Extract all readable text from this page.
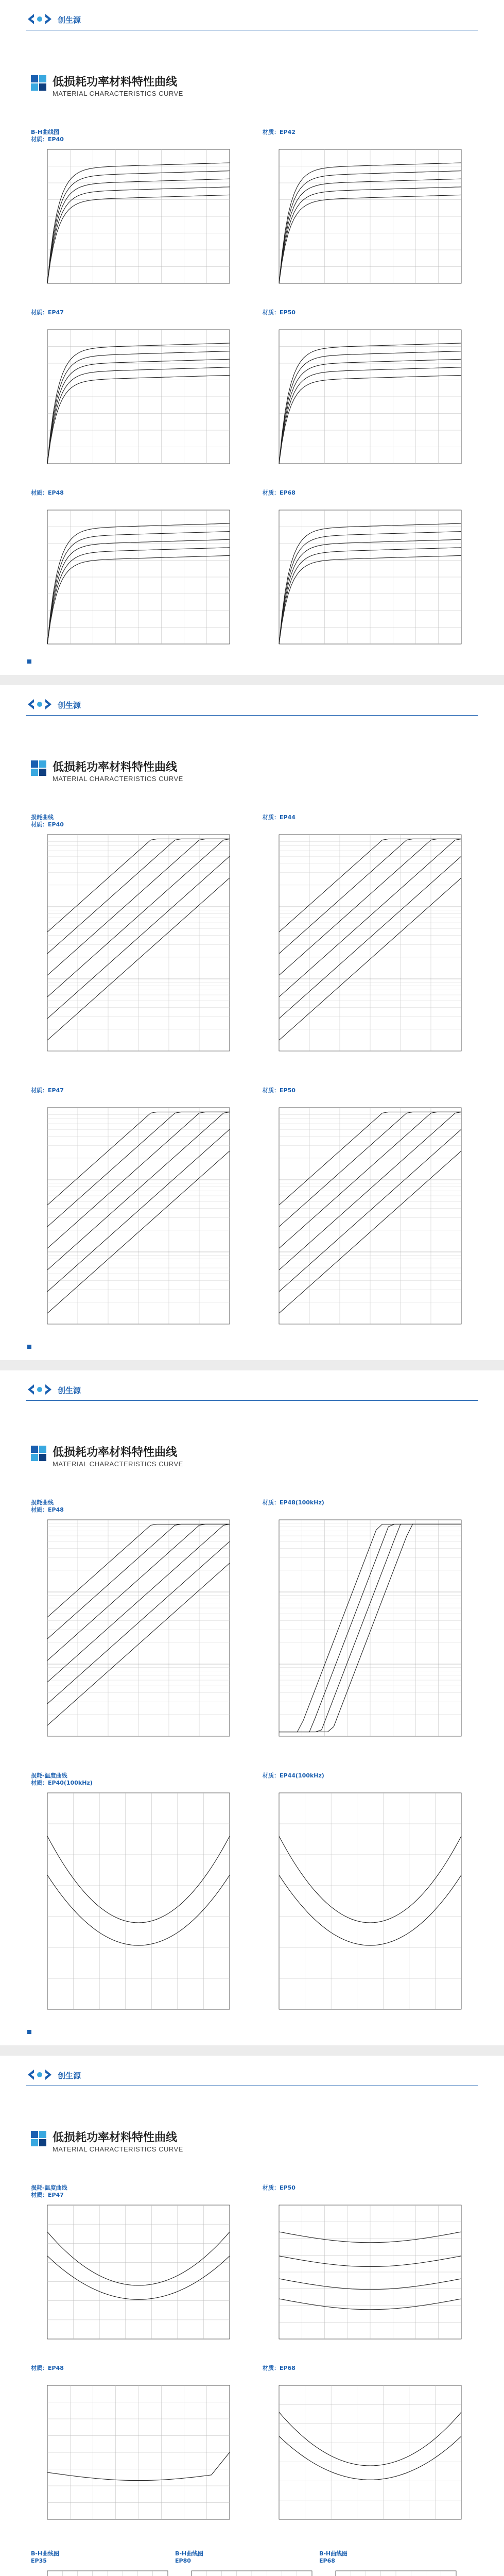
创生源
低损耗功率材料特性曲线
MATERIAL CHARACTERISTICS CURVE
B-H曲线图
材质：EP40
材质：EP42
材质：EP47	材质：EP50
材质：EP48	材质：EP68
创生源
低损耗功率材料特性曲线
MATERIAL CHARACTERISTICS CURVE
损耗曲线
材质：EP40
材质：EP44
材质：EP47	材质：EP50
创生源
低损耗功率材料特性曲线
MATERIAL CHARACTERISTICS CURVE
损耗曲线
材质：EP48
材质：EP48(100kHz)
损耗-温度曲线
材质：EP40(100kHz)
材质：EP44(100kHz)
创生源
低损耗功率材料特性曲线
MATERIAL CHARACTERISTICS CURVE
损耗-温度曲线
材质：EP47
材质：EP50
材质：EP48	材质：EP68
B-H曲线图
EP35
B-H曲线图
EP80
B-H曲线图
EP68
